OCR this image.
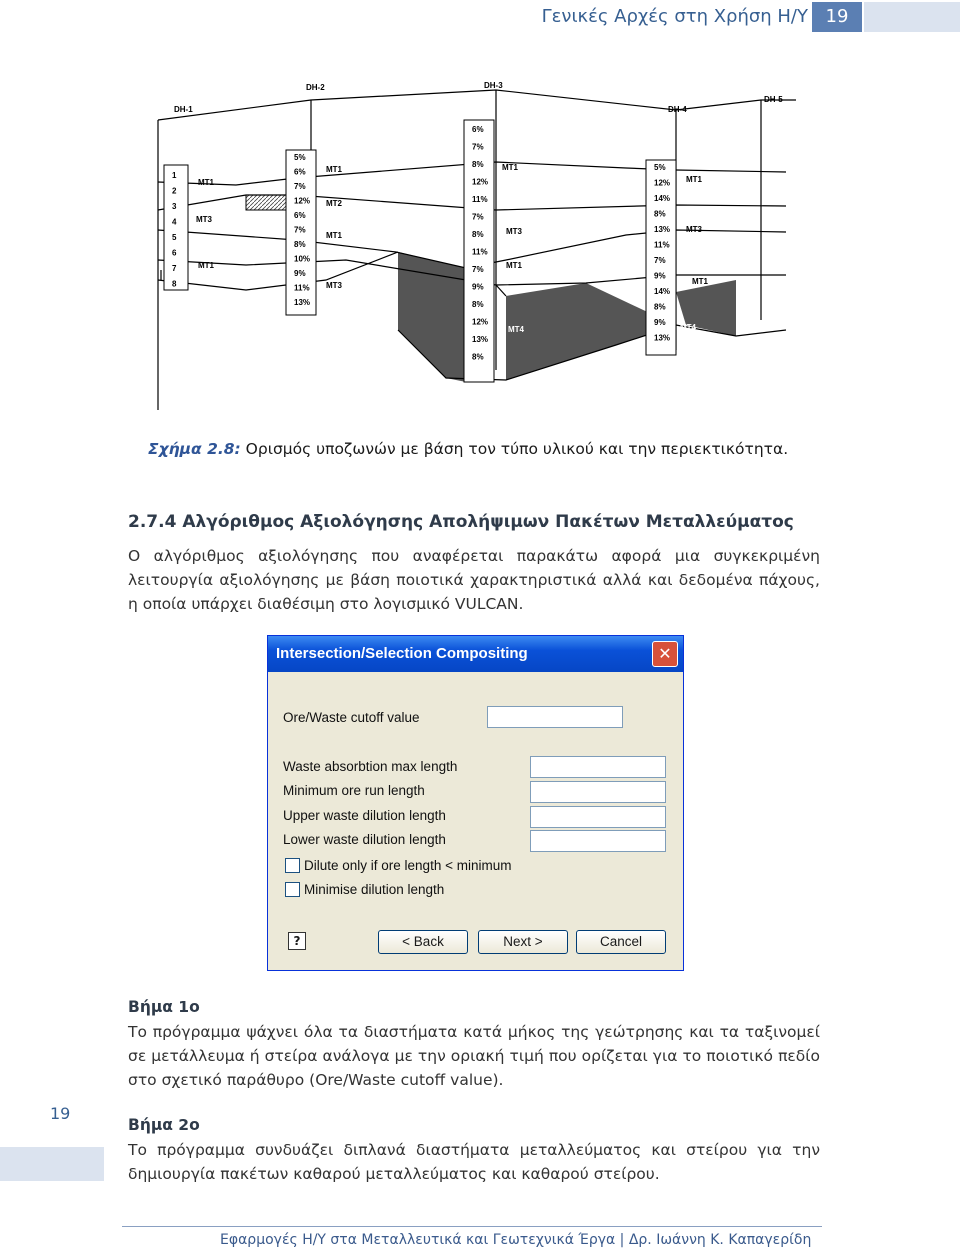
Γενικές Αρχές στη Χρήση Η/Υ 19
DH-1
DH-2	DH-3
DH-4
DH-5
1
2
3
4
5
6
7
8
5%
6%
7%
12%
6%
7%
8%
10%
9%
11%
13%
6%
7%
8%
12%
11%
7%
8%
11%
7%
9%
8%
12%
13%
8%
5%
12%
14%
8%
13%
11%
7%
9%
14%
8%
9%
13%
MT1
MT3
MT1
MT1
MT2
MT1
MT3
MT1
MT3
MT1
MT1
MT3
MT1
MT4	MT4
Σχήμα 2.8: Ορισμός υποζωνών με βάση τον τύπο υλικού και την περιεκτικότητα.
2.7.4 Αλγόριθμος Αξιολόγησης Απολήψιμων Πακέτων Μεταλλεύματος
Ο αλγόριθμος αξιολόγησης που αναφέρεται παρακάτω αφορά μια συγκεκριμένη λειτουργία αξιολόγησης με βάση ποιοτικά χαρακτηριστικά αλλά και δεδομένα πάχους, η οποία υπάρχει διαθέσιμη στο λογισμικό VULCAN.
Intersection/Selection Compositing	✕
Ore/Waste cutoff value
Waste absorbtion max length
Minimum ore run length
Upper waste dilution length
Lower waste dilution length
Dilute only if ore length < minimum
Minimise dilution length
?	< Back	Next >	Cancel
Βήμα 1ο
Το πρόγραμμα ψάχνει όλα τα διαστήματα κατά μήκος της γεώτρησης και τα ταξινομεί σε μετάλλευμα ή στείρα ανάλογα με την οριακή τιμή που ορίζεται για το ποιοτικό πεδίο στο σχετικό παράθυρο (Ore/Waste cutoff value).
Βήμα 2ο
Το πρόγραμμα συνδυάζει διπλανά διαστήματα μεταλλεύματος και στείρου για την δημιουργία πακέτων καθαρού μεταλλεύματος και καθαρού στείρου.
19
Εφαρμογές Η/Υ στα Μεταλλευτικά και Γεωτεχνικά Έργα | Δρ. Ιωάννη Κ. Καπαγερίδη
